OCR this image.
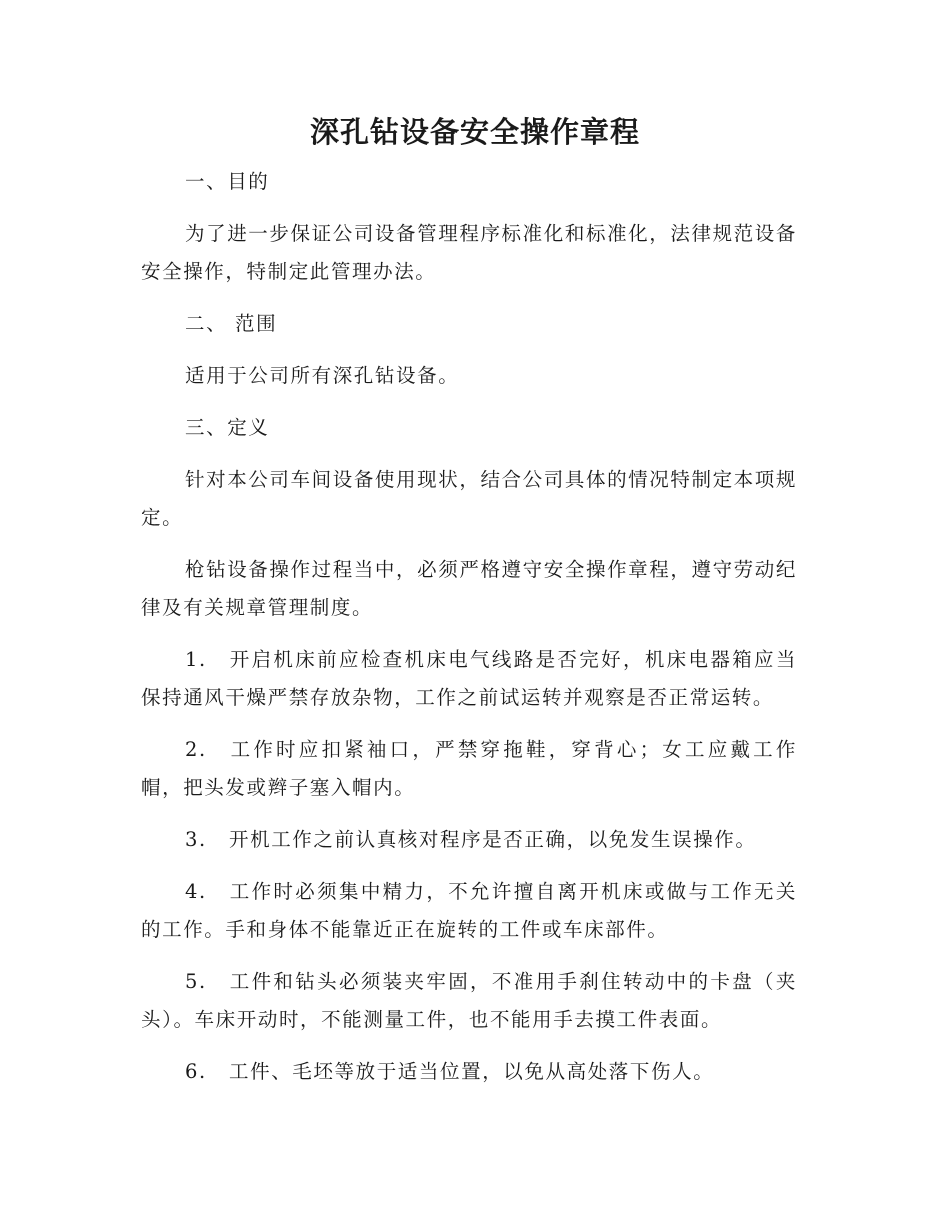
深孔钻设备安全操作章程

一、目的

为了进一步保证公司设备管理程序标准化和标准化，法律规范设备安全操作，特制定此管理办法。

二、 范围

适用于公司所有深孔钻设备。

三、定义

针对本公司车间设备使用现状，结合公司具体的情况特制定本项规定。

枪钻设备操作过程当中，必须严格遵守安全操作章程，遵守劳动纪律及有关规章管理制度。

1. 开启机床前应检查机床电气线路是否完好，机床电器箱应当保持通风干燥严禁存放杂物，工作之前试运转并观察是否正常运转。

2. 工作时应扣紧袖口，严禁穿拖鞋，穿背心；女工应戴工作帽，把头发或辫子塞入帽内。

3. 开机工作之前认真核对程序是否正确，以免发生误操作。

4. 工作时必须集中精力，不允许擅自离开机床或做与工作无关的工作。手和身体不能靠近正在旋转的工件或车床部件。

5. 工件和钻头必须装夹牢固，不准用手刹住转动中的卡盘（夹头）。车床开动时，不能测量工件，也不能用手去摸工件表面。

6. 工件、毛坯等放于适当位置，以免从高处落下伤人。
